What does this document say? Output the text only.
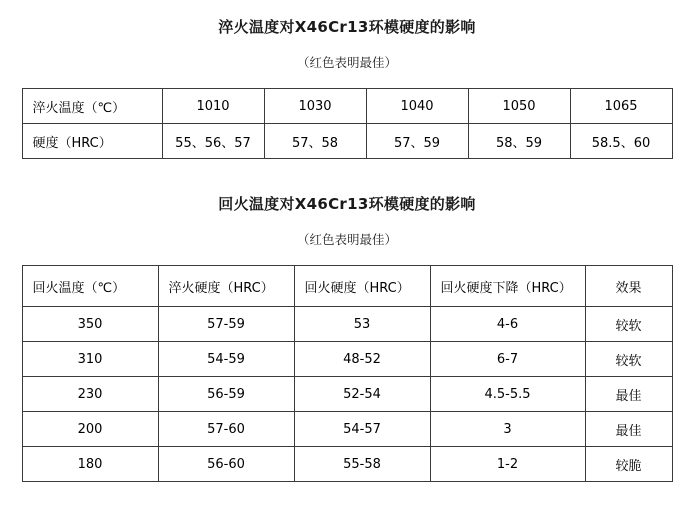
淬火温度对X46Cr13环模硬度的影响
（红色表明最佳）
淬火温度（℃）	1010	1030	1040	1050	1065
硬度（HRC）	55、56、57	57、58	57、59	58、59	58.5、60
回火温度对X46Cr13环模硬度的影响
（红色表明最佳）
回火温度（℃）	淬火硬度（HRC）	回火硬度（HRC）	回火硬度下降（HRC）	效果
350	57-59	53	4-6	较软
310	54-59	48-52	6-7	较软
230	56-59	52-54	4.5-5.5	最佳
200	57-60	54-57	3	最佳
180	56-60	55-58	1-2	较脆
